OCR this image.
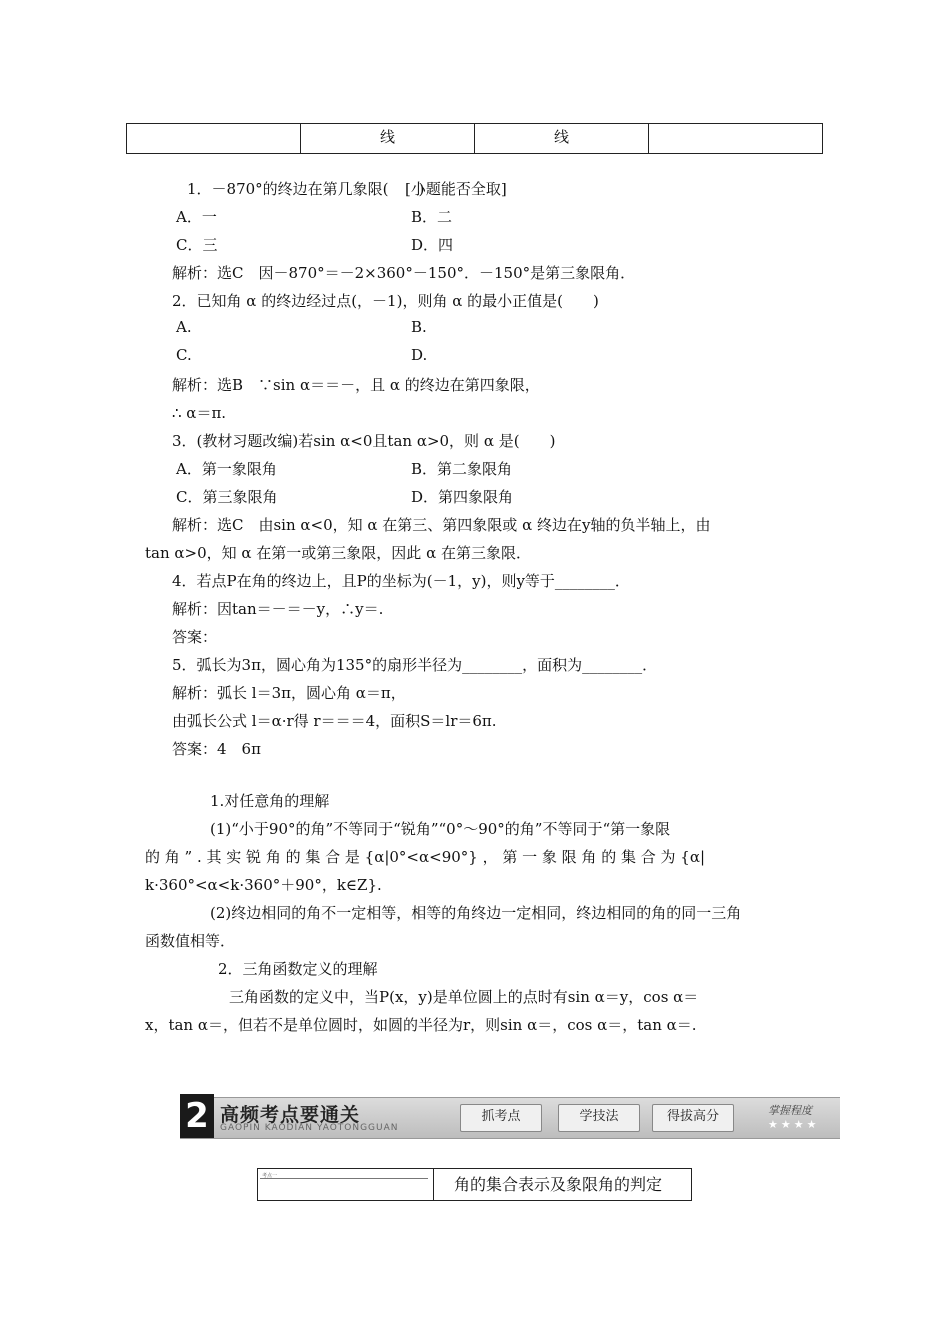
线	线
[小题能否全取]
　1．－870°的终边在第几象限(　　)
A．一	B．二
C．三	D．四
解析：选C　因－870°＝－2×360°－150°．－150°是第三象限角．
2．已知角 α 的终边经过点(，－1)，则角 α 的最小正值是(　　)
A.	B.
C.	D.
解析：选B　∵sin α＝＝－，且 α 的终边在第四象限，
∴ α＝π.
3．(教材习题改编)若sin α<0且tan α>0，则 α 是(　　)
A．第一象限角	B．第二象限角
C．第三象限角	D．第四象限角
解析：选C　由sin α<0，知 α 在第三、第四象限或 α 终边在y轴的负半轴上，由
tan α>0，知 α 在第一或第三象限，因此 α 在第三象限．
4．若点P在角的终边上，且P的坐标为(－1，y)，则y等于________．
解析：因tan＝－＝－y，∴y＝.
答案：
5．弧长为3π，圆心角为135°的扇形半径为________，面积为________．
解析：弧长 l＝3π，圆心角 α＝π，
由弧长公式 l＝α·r得 r＝＝＝4，面积S＝lr＝6π.
答案：4　6π
1.对任意角的理解
(1)“小于90°的角”不等同于“锐角”“0°～90°的角”不等同于“第一象限
的 角 ” . 其 实 锐 角 的 集 合 是 {α|0°<α<90°} ， 第 一 象 限 角 的 集 合 为 {α|
k·360°<α<k·360°＋90°，k∈Z}.
(2)终边相同的角不一定相等，相等的角终边一定相同，终边相同的角的同一三角
函数值相等．
2．三角函数定义的理解
三角函数的定义中，当P(x，y)是单位圆上的点时有sin α＝y，cos α＝
x，tan α＝，但若不是单位圆时，如圆的半径为r，则sin α＝，cos α＝，tan α＝.
2 高频考点要通关
GAOPIN KAODIAN YAOTONGGUAN
抓考点	学技法	得拔高分	掌握程度
★★★★
考点一	角的集合表示及象限角的判定
